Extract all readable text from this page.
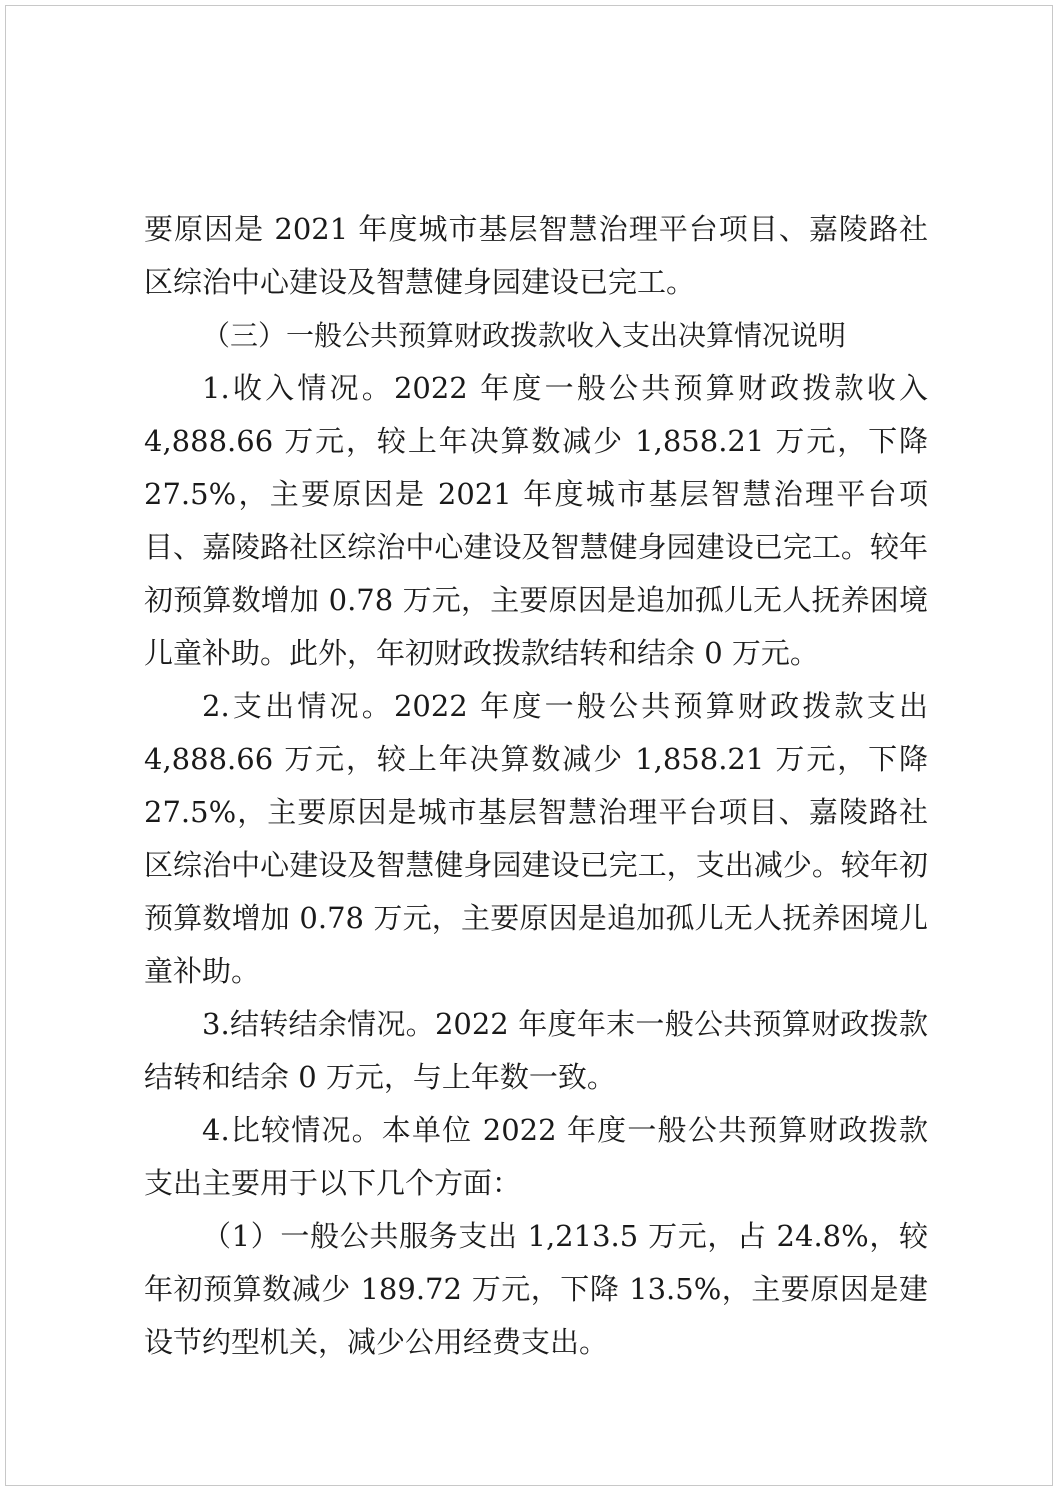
要原因是 2021 年度城市基层智慧治理平台项目、嘉陵路社区综治中心建设及智慧健身园建设已完工。

（三）一般公共预算财政拨款收入支出决算情况说明

1.收入情况。2022 年度一般公共预算财政拨款收入 4,888.66 万元，较上年决算数减少 1,858.21 万元，下降 27.5%，主要原因是 2021 年度城市基层智慧治理平台项目、嘉陵路社区综治中心建设及智慧健身园建设已完工。较年初预算数增加 0.78 万元，主要原因是追加孤儿无人抚养困境儿童补助。此外，年初财政拨款结转和结余 0 万元。

2.支出情况。2022 年度一般公共预算财政拨款支出 4,888.66 万元，较上年决算数减少 1,858.21 万元，下降 27.5%，主要原因是城市基层智慧治理平台项目、嘉陵路社区综治中心建设及智慧健身园建设已完工，支出减少。较年初预算数增加 0.78 万元，主要原因是追加孤儿无人抚养困境儿童补助。

3.结转结余情况。2022 年度年末一般公共预算财政拨款结转和结余 0 万元，与上年数一致。

4.比较情况。本单位 2022 年度一般公共预算财政拨款支出主要用于以下几个方面：

（1）一般公共服务支出 1,213.5 万元，占 24.8%，较年初预算数减少 189.72 万元，下降 13.5%，主要原因是建设节约型机关，减少公用经费支出。
